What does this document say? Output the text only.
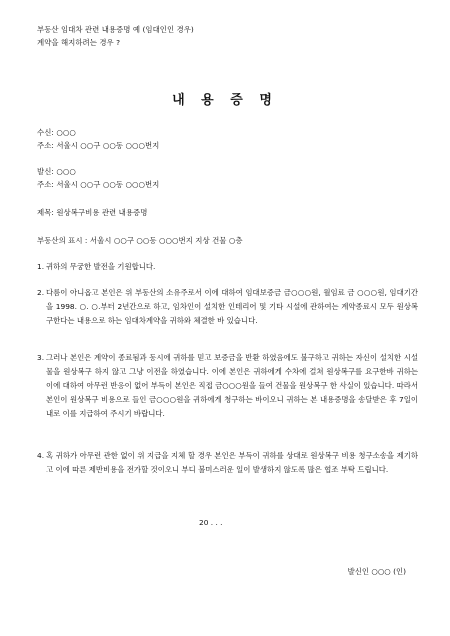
부동산 임대차 관련 내용증명 예 (임대인인 경우)
계약을 해지하려는 경우 ?
내 용 증 명
수신: ○○○
주소: 서울시 ○○구 ○○동 ○○○번지
발신: ○○○
주소: 서울시 ○○구 ○○동 ○○○번지
제목: 원상복구비용 관련 내용증명
부동산의 표시 : 서울시 ○○구 ○○동 ○○○번지 지상 건물 ○층
1. 귀하의 무궁한 발전을 기원합니다.
2. 다름이 아니옵고 본인은 위 부동산의 소유주로서 이에 대하여 임대보증금 금○○○원, 월임료 금 ○○○원, 임대기간을 1998. ○. ○.부터 2년간으로 하고, 임차인이 설치한 인테리어 및 기타 시설에 관하여는 계약종료시 모두 원상복구한다는 내용으로 하는 임대차계약을 귀하와 체결한 바 있습니다.
3. 그러나 본인은 계약이 종료됨과 동시에 귀하를 믿고 보증금을 반환 하였음에도 불구하고 귀하는 자신이 설치한 시설물을 원상복구 하지 않고 그냥 이전을 하였습니다. 이에 본인은 귀하에게 수차에 걸쳐 원상복구를 요구한바 귀하는 이에 대하여 아무런 반응이 없어 부득이 본인은 직접 금○○○원을 들여 건물을 원상복구 한 사실이 있습니다. 따라서 본인이 원상복구 비용으로 들인 금○○○원을 귀하에게 청구하는 바이오니 귀하는 본 내용증명을 송달받은 후 7일이내로 이를 지급하여 주시기 바랍니다.
4. 혹 귀하가 아무런 관한 없이 위 지급을 지체 할 경우 본인은 부득이 귀하를 상대로 원상복구 비용 청구소송을 제기하고 이에 따른 제반비용을 전가할 것이오니 부디 불미스러운 일이 발생하지 않도록 많은 협조 부탁 드립니다.
20 . . .
발신인 ○○○ (인)
